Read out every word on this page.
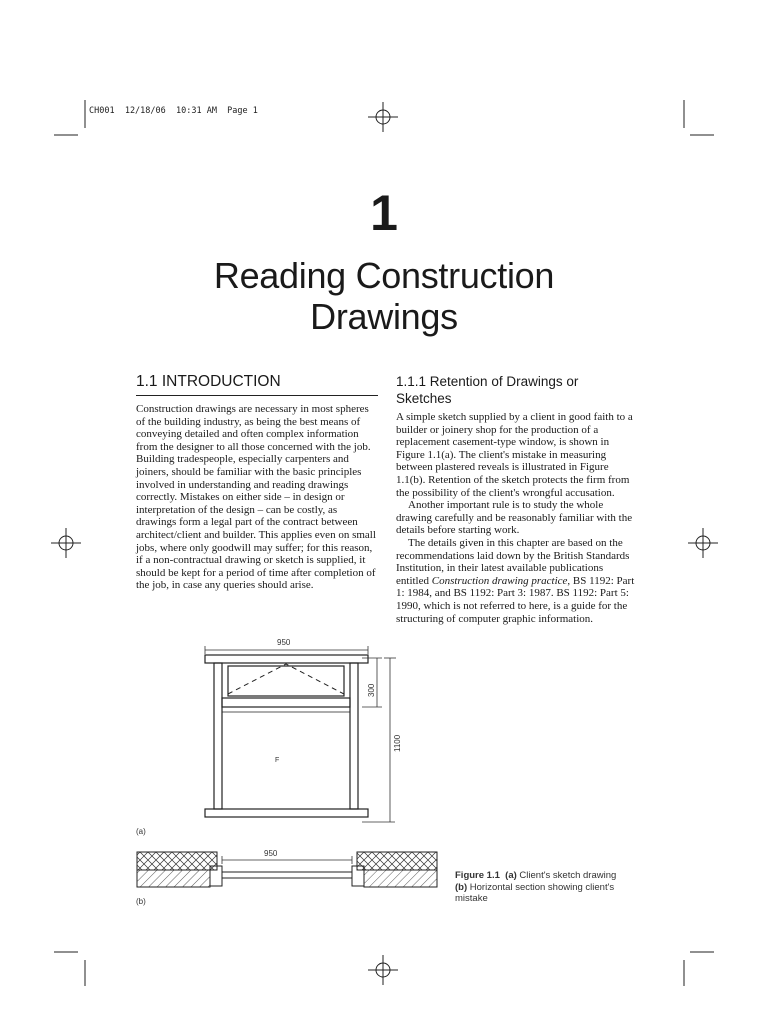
CH001  12/18/06  10:31 AM  Page 1
1
Reading Construction
Drawings
1.1 INTRODUCTION

Construction drawings are necessary in most spheres of the building industry, as being the best means of conveying detailed and often complex information from the designer to all those concerned with the job. Building tradespeople, especially carpenters and joiners, should be familiar with the basic principles involved in understanding and reading drawings correctly. Mistakes on either side – in design or interpretation of the design – can be costly, as drawings form a legal part of the contract between architect/client and builder. This applies even on small jobs, where only goodwill may suffer; for this reason, if a non-contractual drawing or sketch is supplied, it should be kept for a period of time after completion of the job, in case any queries should arise.

1.1.1 Retention of Drawings or Sketches

A simple sketch supplied by a client in good faith to a builder or joinery shop for the production of a replacement casement-type window, is shown in Figure 1.1(a). The client's mistake in measuring between plastered reveals is illustrated in Figure 1.1(b). Retention of the sketch protects the firm from the possibility of the client's wrongful accusation.

Another important rule is to study the whole drawing carefully and be reasonably familiar with the details before starting work.

The details given in this chapter are based on the recommendations laid down by the British Standards Institution, in their latest available publications entitled Construction drawing practice, BS 1192: Part 1: 1984, and BS 1192: Part 3: 1987. BS 1192: Part 5: 1990, which is not referred to here, is a guide for the structuring of computer graphic information.

Figure 1.1 (a) Client's sketch drawing
(b) Horizontal section showing client's mistake
950
300
1100
F
(a)
950
(b)
